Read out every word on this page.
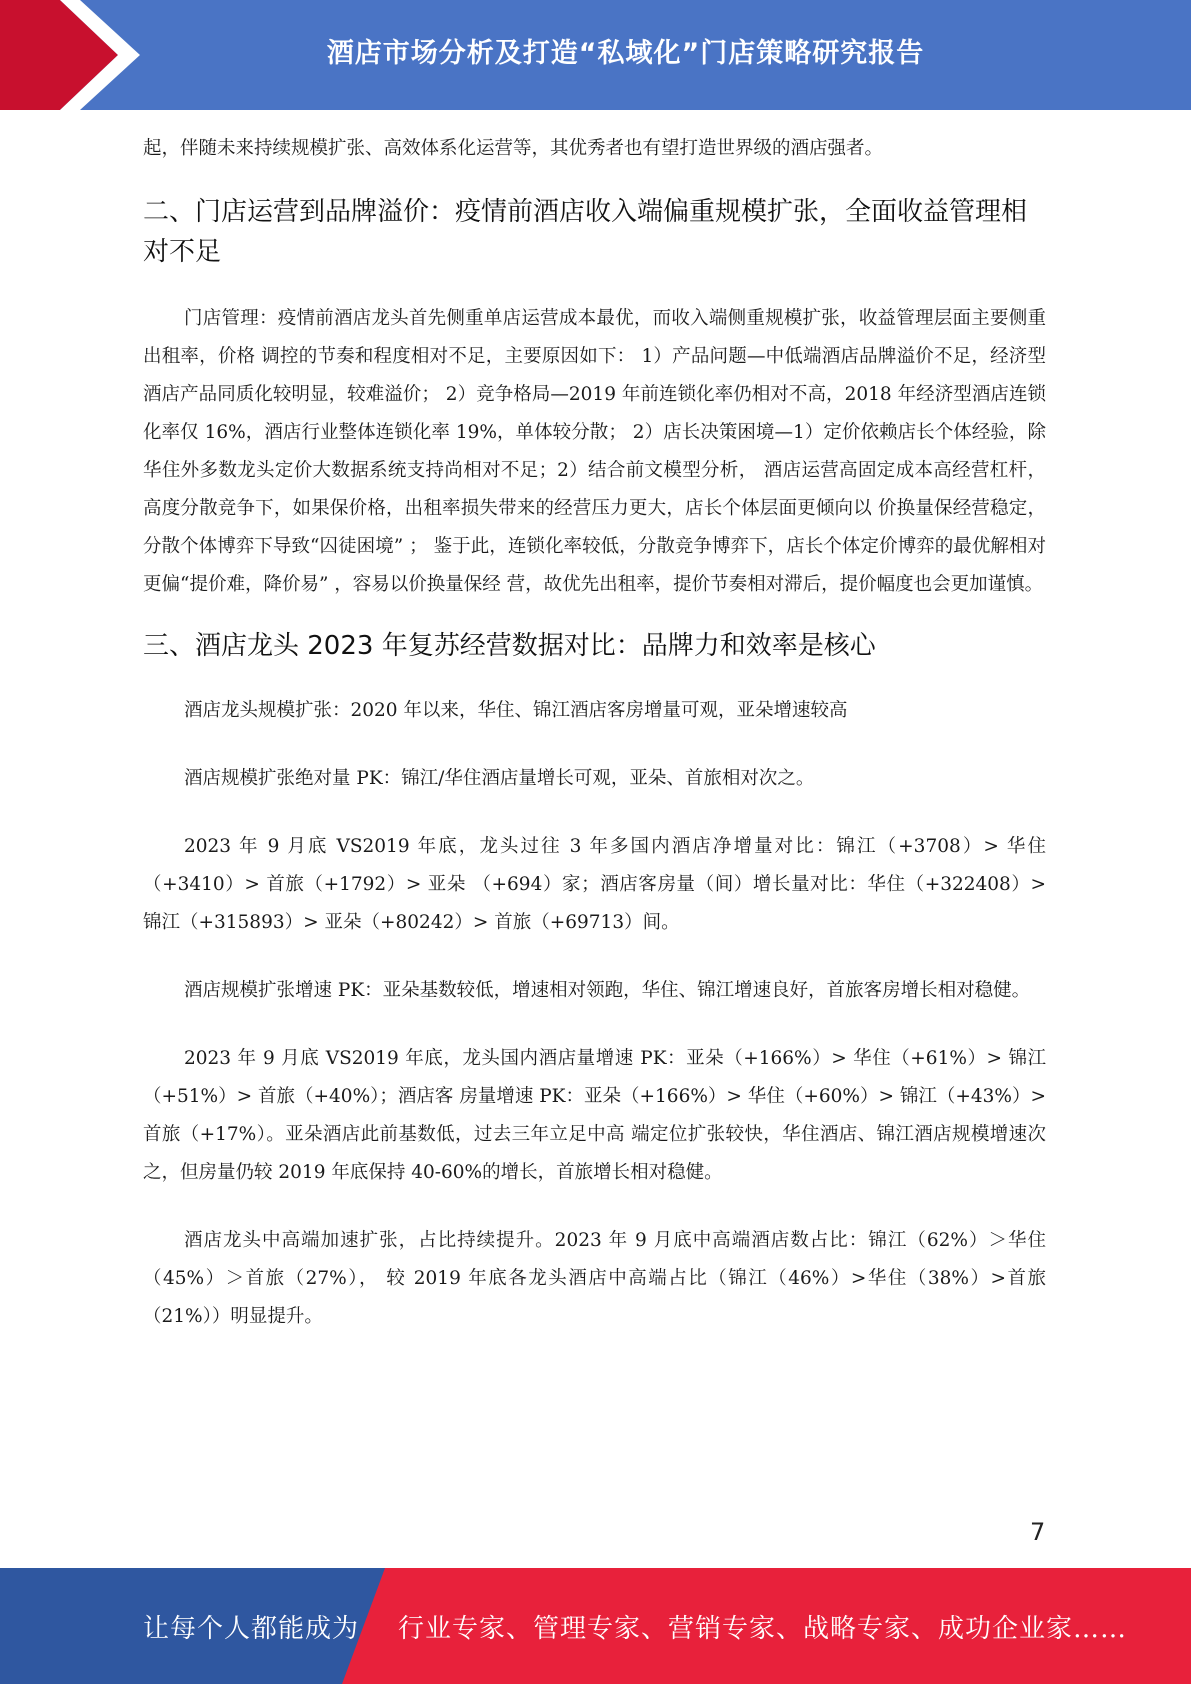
酒店市场分析及打造“私域化”门店策略研究报告

起，伴随未来持续规模扩张、高效体系化运营等，其优秀者也有望打造世界级的酒店强者。

二、门店运营到品牌溢价：疫情前酒店收入端偏重规模扩张，全面收益管理相对不足

门店管理：疫情前酒店龙头首先侧重单店运营成本最优，而收入端侧重规模扩张，收益管理层面主要侧重出租率，价格 调控的节奏和程度相对不足，主要原因如下： 1）产品问题—中低端酒店品牌溢价不足，经济型酒店产品同质化较明显，较难溢价； 2）竞争格局—2019 年前连锁化率仍相对不高，2018 年经济型酒店连锁化率仅 16%，酒店行业整体连锁化率 19%，单体较分散； 2）店长决策困境—1）定价依赖店长个体经验，除华住外多数龙头定价大数据系统支持尚相对不足；2）结合前文模型分析， 酒店运营高固定成本高经营杠杆，高度分散竞争下，如果保价格，出租率损失带来的经营压力更大，店长个体层面更倾向以 价换量保经营稳定，分散个体博弈下导致“囚徒困境” ； 鉴于此，连锁化率较低，分散竞争博弈下，店长个体定价博弈的最优解相对更偏“提价难，降价易” ，容易以价换量保经 营，故优先出租率，提价节奏相对滞后，提价幅度也会更加谨慎。

三、酒店龙头 2023 年复苏经营数据对比：品牌力和效率是核心

酒店龙头规模扩张：2020 年以来，华住、锦江酒店客房增量可观，亚朵增速较高

酒店规模扩张绝对量 PK：锦江/华住酒店量增长可观，亚朵、首旅相对次之。

2023 年 9 月底 VS2019 年底，龙头过往 3 年多国内酒店净增量对比：锦江（+3708）> 华住（+3410）> 首旅（+1792）> 亚朵 （+694）家；酒店客房量（间）增长量对比：华住（+322408）> 锦江（+315893）> 亚朵（+80242）> 首旅（+69713）间。

酒店规模扩张增速 PK：亚朵基数较低，增速相对领跑，华住、锦江增速良好，首旅客房增长相对稳健。

2023 年 9 月底 VS2019 年底，龙头国内酒店量增速 PK：亚朵（+166%）> 华住（+61%）> 锦江（+51%）> 首旅（+40%）；酒店客 房量增速 PK：亚朵（+166%）> 华住（+60%）> 锦江（+43%）> 首旅（+17%）。亚朵酒店此前基数低，过去三年立足中高 端定位扩张较快，华住酒店、锦江酒店规模增速次之，但房量仍较 2019 年底保持 40-60%的增长，首旅增长相对稳健。

酒店龙头中高端加速扩张，占比持续提升。2023 年 9 月底中高端酒店数占比：锦江（62%）＞华住（45%）＞首旅（27%）， 较 2019 年底各龙头酒店中高端占比（锦江（46%）>华住（38%）>首旅（21%））明显提升。

7
让每个人都能成为 行业专家、管理专家、营销专家、战略专家、成功企业家……
